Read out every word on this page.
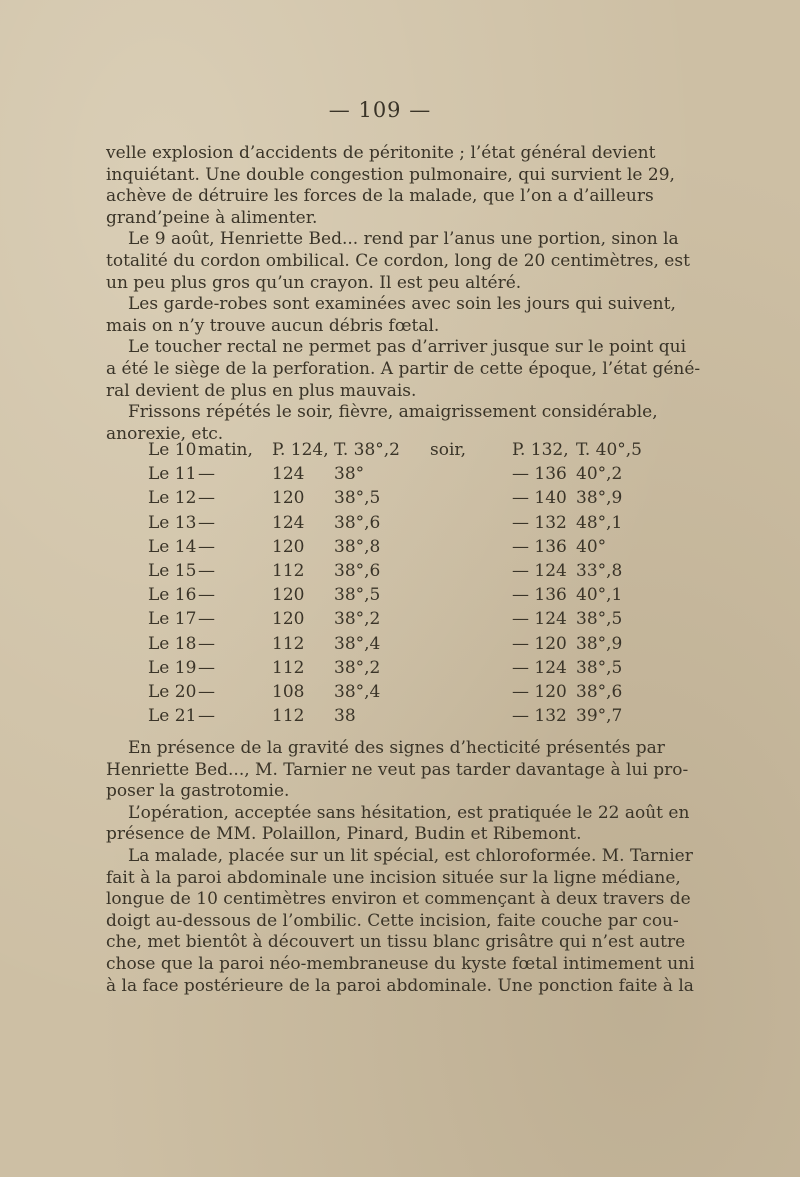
— 109 —
velle explosion d’accidents de péritonite ; l’état général devient
inquiétant. Une double congestion pulmonaire, qui survient le 29,
achève de détruire les forces de la malade, que l’on a d’ailleurs
grand’peine à alimenter.
Le 9 août, Henriette Bed... rend par l’anus une portion, sinon la
totalité du cordon ombilical. Ce cordon, long de 20 centimètres, est
un peu plus gros qu’un crayon. Il est peu altéré.
Les garde-robes sont examinées avec soin les jours qui suivent,
mais on n’y trouve aucun débris fœtal.
Le toucher rectal ne permet pas d’arriver jusque sur le point qui
a été le siège de la perforation. A partir de cette époque, l’état géné-
ral devient de plus en plus mauvais.
Frissons répétés le soir, fièvre, amaigrissement considérable,
anorexie, etc.
Le 10 matin, P. 124, T. 38°,2 soir,	P. 132, T. 40°,5
Le 11 —	124 38°	— 136 40°,2
Le 12 —	120 38°,5	— 140 38°,9
Le 13 —	124 38°,6	— 132 48°,1
Le 14 —	120 38°,8	— 136 40°
Le 15 —	112 38°,6	— 124 33°,8
Le 16 —	120 38°,5	— 136 40°,1
Le 17 —	120 38°,2	— 124 38°,5
Le 18 —	112 38°,4	— 120 38°,9
Le 19 —	112 38°,2	— 124 38°,5
Le 20 —	108 38°,4	— 120 38°,6
Le 21 —	112 38	— 132 39°,7
En présence de la gravité des signes d’hecticité présentés par
Henriette Bed..., M. Tarnier ne veut pas tarder davantage à lui pro-
poser la gastrotomie.
L’opération, acceptée sans hésitation, est pratiquée le 22 août en
présence de MM. Polaillon, Pinard, Budin et Ribemont.
La malade, placée sur un lit spécial, est chloroformée. M. Tarnier
fait à la paroi abdominale une incision située sur la ligne médiane,
longue de 10 centimètres environ et commençant à deux travers de
doigt au-dessous de l’ombilic. Cette incision, faite couche par cou-
che, met bientôt à découvert un tissu blanc grisâtre qui n’est autre
chose que la paroi néo-membraneuse du kyste fœtal intimement uni
à la face postérieure de la paroi abdominale. Une ponction faite à la
